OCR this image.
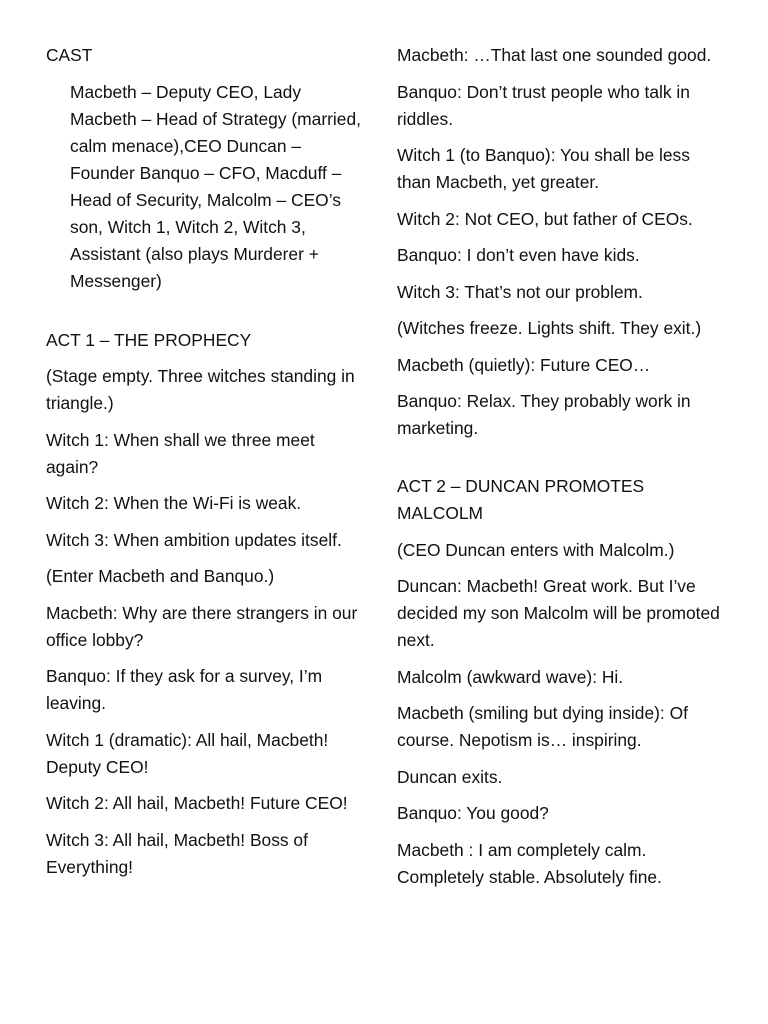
CAST

Macbeth – Deputy CEO, Lady Macbeth – Head of Strategy (married, calm menace),CEO Duncan – Founder Banquo – CFO, Macduff – Head of Security, Malcolm – CEO’s son, Witch 1, Witch 2, Witch 3, Assistant (also plays Murderer + Messenger)

ACT 1 – THE PROPHECY

(Stage empty. Three witches standing in triangle.)

Witch 1: When shall we three meet again?

Witch 2: When the Wi-Fi is weak.

Witch 3: When ambition updates itself.

(Enter Macbeth and Banquo.)

Macbeth: Why are there strangers in our office lobby?

Banquo: If they ask for a survey, I’m leaving.

Witch 1 (dramatic): All hail, Macbeth! Deputy CEO!

Witch 2: All hail, Macbeth! Future CEO!

Witch 3: All hail, Macbeth! Boss of Everything!

Macbeth: …That last one sounded good.

Banquo: Don’t trust people who talk in riddles.

Witch 1 (to Banquo): You shall be less than Macbeth, yet greater.

Witch 2: Not CEO, but father of CEOs.

Banquo: I don’t even have kids.

Witch 3: That’s not our problem.

(Witches freeze. Lights shift. They exit.)

Macbeth (quietly): Future CEO…

Banquo: Relax. They probably work in marketing.

ACT 2 – DUNCAN PROMOTES MALCOLM

(CEO Duncan enters with Malcolm.)

Duncan: Macbeth! Great work. But I’ve decided my son Malcolm will be promoted next.

Malcolm (awkward wave): Hi.

Macbeth (smiling but dying inside): Of course. Nepotism is… inspiring.

Duncan exits.

Banquo: You good?

Macbeth : I am completely calm. Completely stable. Absolutely fine.
